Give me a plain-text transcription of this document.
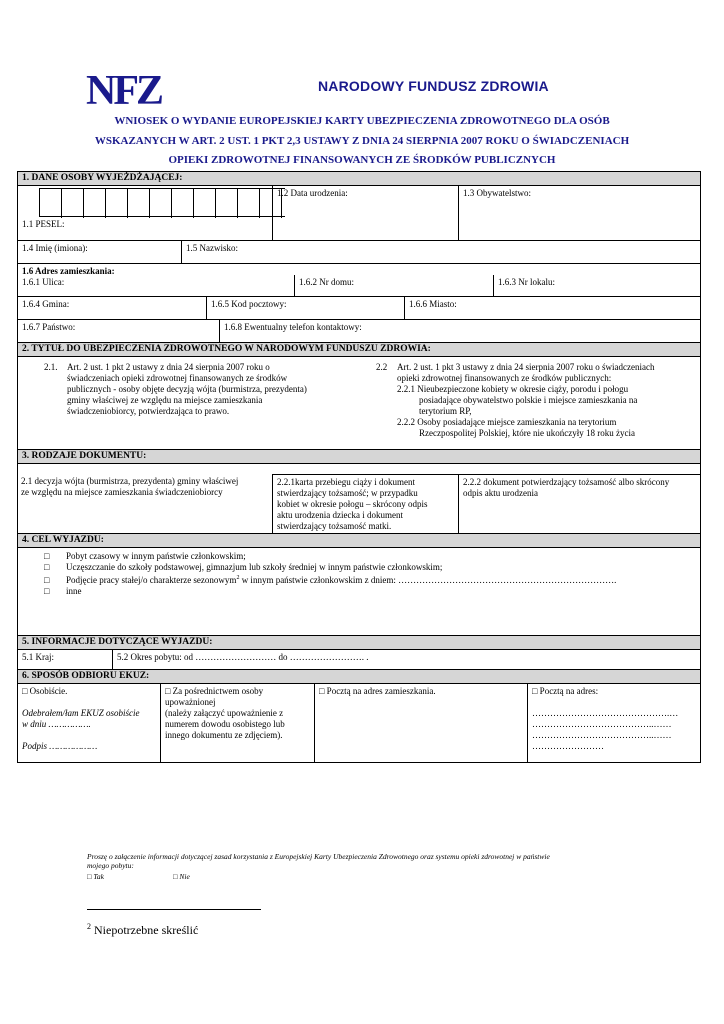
NFZ	NARODOWY FUNDUSZ ZDROWIA
WNIOSEK O WYDANIE EUROPEJSKIEJ KARTY UBEZPIECZENIA ZDROWOTNEGO DLA OSÓB
WSKAZANYCH W ART. 2 UST. 1 PKT 2,3 USTAWY Z DNIA 24 SIERPNIA 2007 ROKU O ŚWIADCZENIACH
OPIEKI ZDROWOTNEJ FINANSOWANYCH ZE ŚRODKÓW PUBLICZNYCH
1. DANE OSOBY WYJEŻDŻAJĄCEJ:
1.1 PESEL:
1.2 Data urodzenia:	1.3 Obywatelstwo:
1.4 Imię (imiona):	1.5 Nazwisko:
1.6 Adres zamieszkania:
1.6.1 Ulica:	1.6.2 Nr domu:	1.6.3 Nr lokalu:
1.6.4 Gmina:	1.6.5 Kod pocztowy:	1.6.6 Miasto:
1.6.7 Państwo:	1.6.8 Ewentualny telefon kontaktowy:
2. TYTUŁ DO UBEZPIECZENIA ZDROWOTNEGO W NARODOWYM FUNDUSZU ZDROWIA:
2.1. Art. 2 ust. 1 pkt 2 ustawy z dnia 24 sierpnia 2007 roku o
świadczeniach opieki zdrowotnej finansowanych ze środków
publicznych - osoby objęte decyzją wójta (burmistrza, prezydenta)
gminy właściwej ze względu na miejsce zamieszkania
świadczeniobiorcy, potwierdzająca to prawo.
2.2 Art. 2 ust. 1 pkt 3 ustawy z dnia 24 sierpnia 2007 roku o świadczeniach
opieki zdrowotnej finansowanych ze środków publicznych:
2.2.1 Nieubezpieczone kobiety w okresie ciąży, porodu i połogu
posiadające obywatelstwo polskie i miejsce zamieszkania na
terytorium RP,
2.2.2 Osoby posiadające miejsce zamieszkania na terytorium
Rzeczpospolitej Polskiej, które nie ukończyły 18 roku życia
3. RODZAJE DOKUMENTU:
2.1 decyzja wójta (burmistrza, prezydenta) gminy właściwej
ze względu na miejsce zamieszkania świadczeniobiorcy
2.2.1karta przebiegu ciąży i dokument
stwierdzający tożsamość; w przypadku
kobiet w okresie połogu – skrócony odpis
aktu urodzenia dziecka i dokument
stwierdzający tożsamość matki.
2.2.2 dokument potwierdzający tożsamość albo skrócony
odpis aktu urodzenia
4. CEL WYJAZDU:
□ Pobyt czasowy w innym państwie członkowskim;
□ Uczęszczanie do szkoły podstawowej, gimnazjum lub szkoły średniej w innym państwie członkowskim;
□ Podjęcie pracy stałej/o charakterze sezonowym$^2$ w innym państwie członkowskim z dniem: ……………………………………………………………….
□ inne
5. INFORMACJE DOTYCZĄCE WYJAZDU:
5.1 Kraj:	5.2 Okres pobytu: od ……………………… do ……………………. .
6. SPOSÓB ODBIORU EKUZ:
□ Osobiście.
Odebrałem/łam EKUZ osobiście
w dniu …………….
Podpis ………………
□ Za pośrednictwem osoby
upoważnionej
(należy załączyć upoważnienie z
numerem dowodu osobistego lub
innego dokumentu ze zdjęciem).
□ Pocztą na adres zamieszkania.	□ Pocztą na adres:
……………………………………….…
…………………………………..……
…………………………………..……
……………………
Proszę o załączenie informacji dotyczącej zasad korzystania z Europejskiej Karty Ubezpieczenia Zdrowotnego oraz systemu opieki zdrowotnej w państwie
mojego pobytu:
□ Tak	□ Nie
$^2$ Niepotrzebne skreślić
